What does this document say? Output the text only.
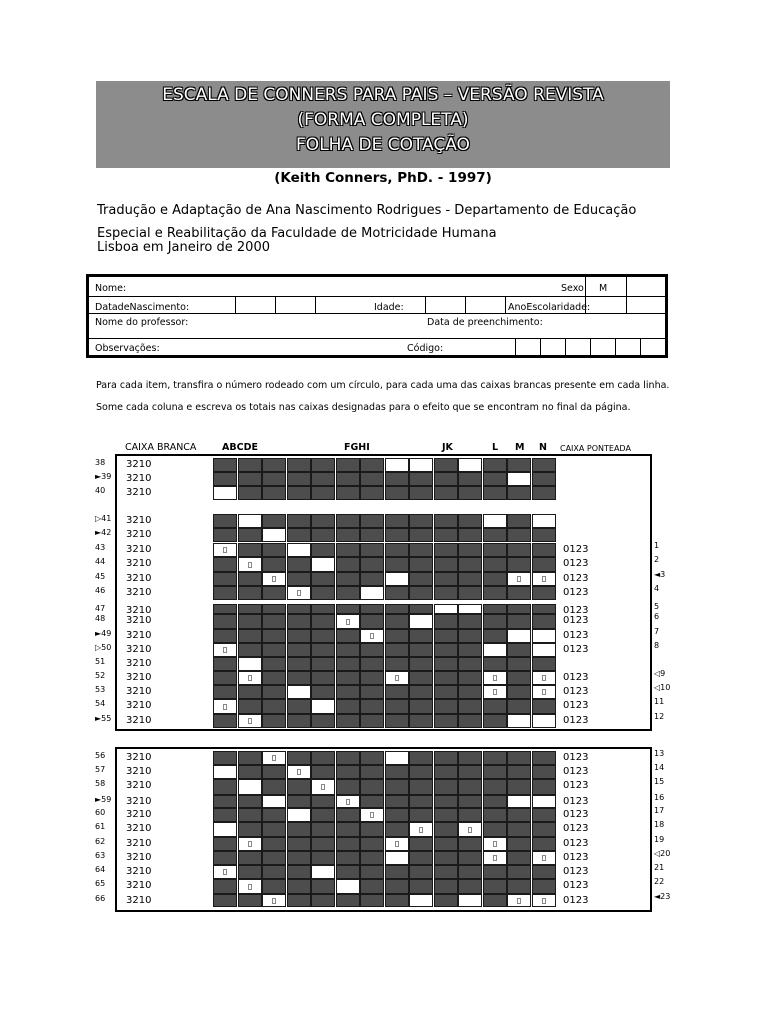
ESCALA DE CONNERS PARA PAIS – VERSÃO REVISTA
(FORMA COMPLETA)
FOLHA DE COTAÇÃO
(Keith Conners, PhD. - 1997)
Tradução e Adaptação de Ana Nascimento Rodrigues - Departamento de Educação
Especial e Reabilitação da Faculdade de Motricidade Humana
Lisboa em Janeiro de 2000
Nome:	Sexo M
DatadeNascimento:	Idade:	AnoEscolaridade:
Nome do professor:	Data de preenchimento:
Observações:	Código:
Para cada item, transfira o número rodeado com um círculo, para cada uma das caixas brancas presente em cada linha.
Some cada coluna e escreva os totais nas caixas designadas para o efeito que se encontram no final da página.
CAIXA BRANCA	ABCDE	FGHI	JK	L M N CAIXA PONTEADA
38 3210
►39 3210
40 3210
▷41 3210
►42 3210
43 3210	0123	1
44 3210	0123	2
45 3210	0123	◄3
46 3210	0123	4
47 3210	0123	5
48 3210	0123	6
►49 3210	0123	7
▷50 3210	0123	8
51 3210
52 3210	0123	◁9
53 3210	0123	◁10
54 3210	0123	11
►55 3210	0123	12
56 3210	0123	13
57 3210	0123	14
58 3210	0123	15
►59 3210	0123	16
60 3210	0123	17
61 3210	0123	18
62 3210	0123	19
63 3210	0123	◁20
64 3210	0123	21
65 3210	0123	22
66 3210	0123	◄23
